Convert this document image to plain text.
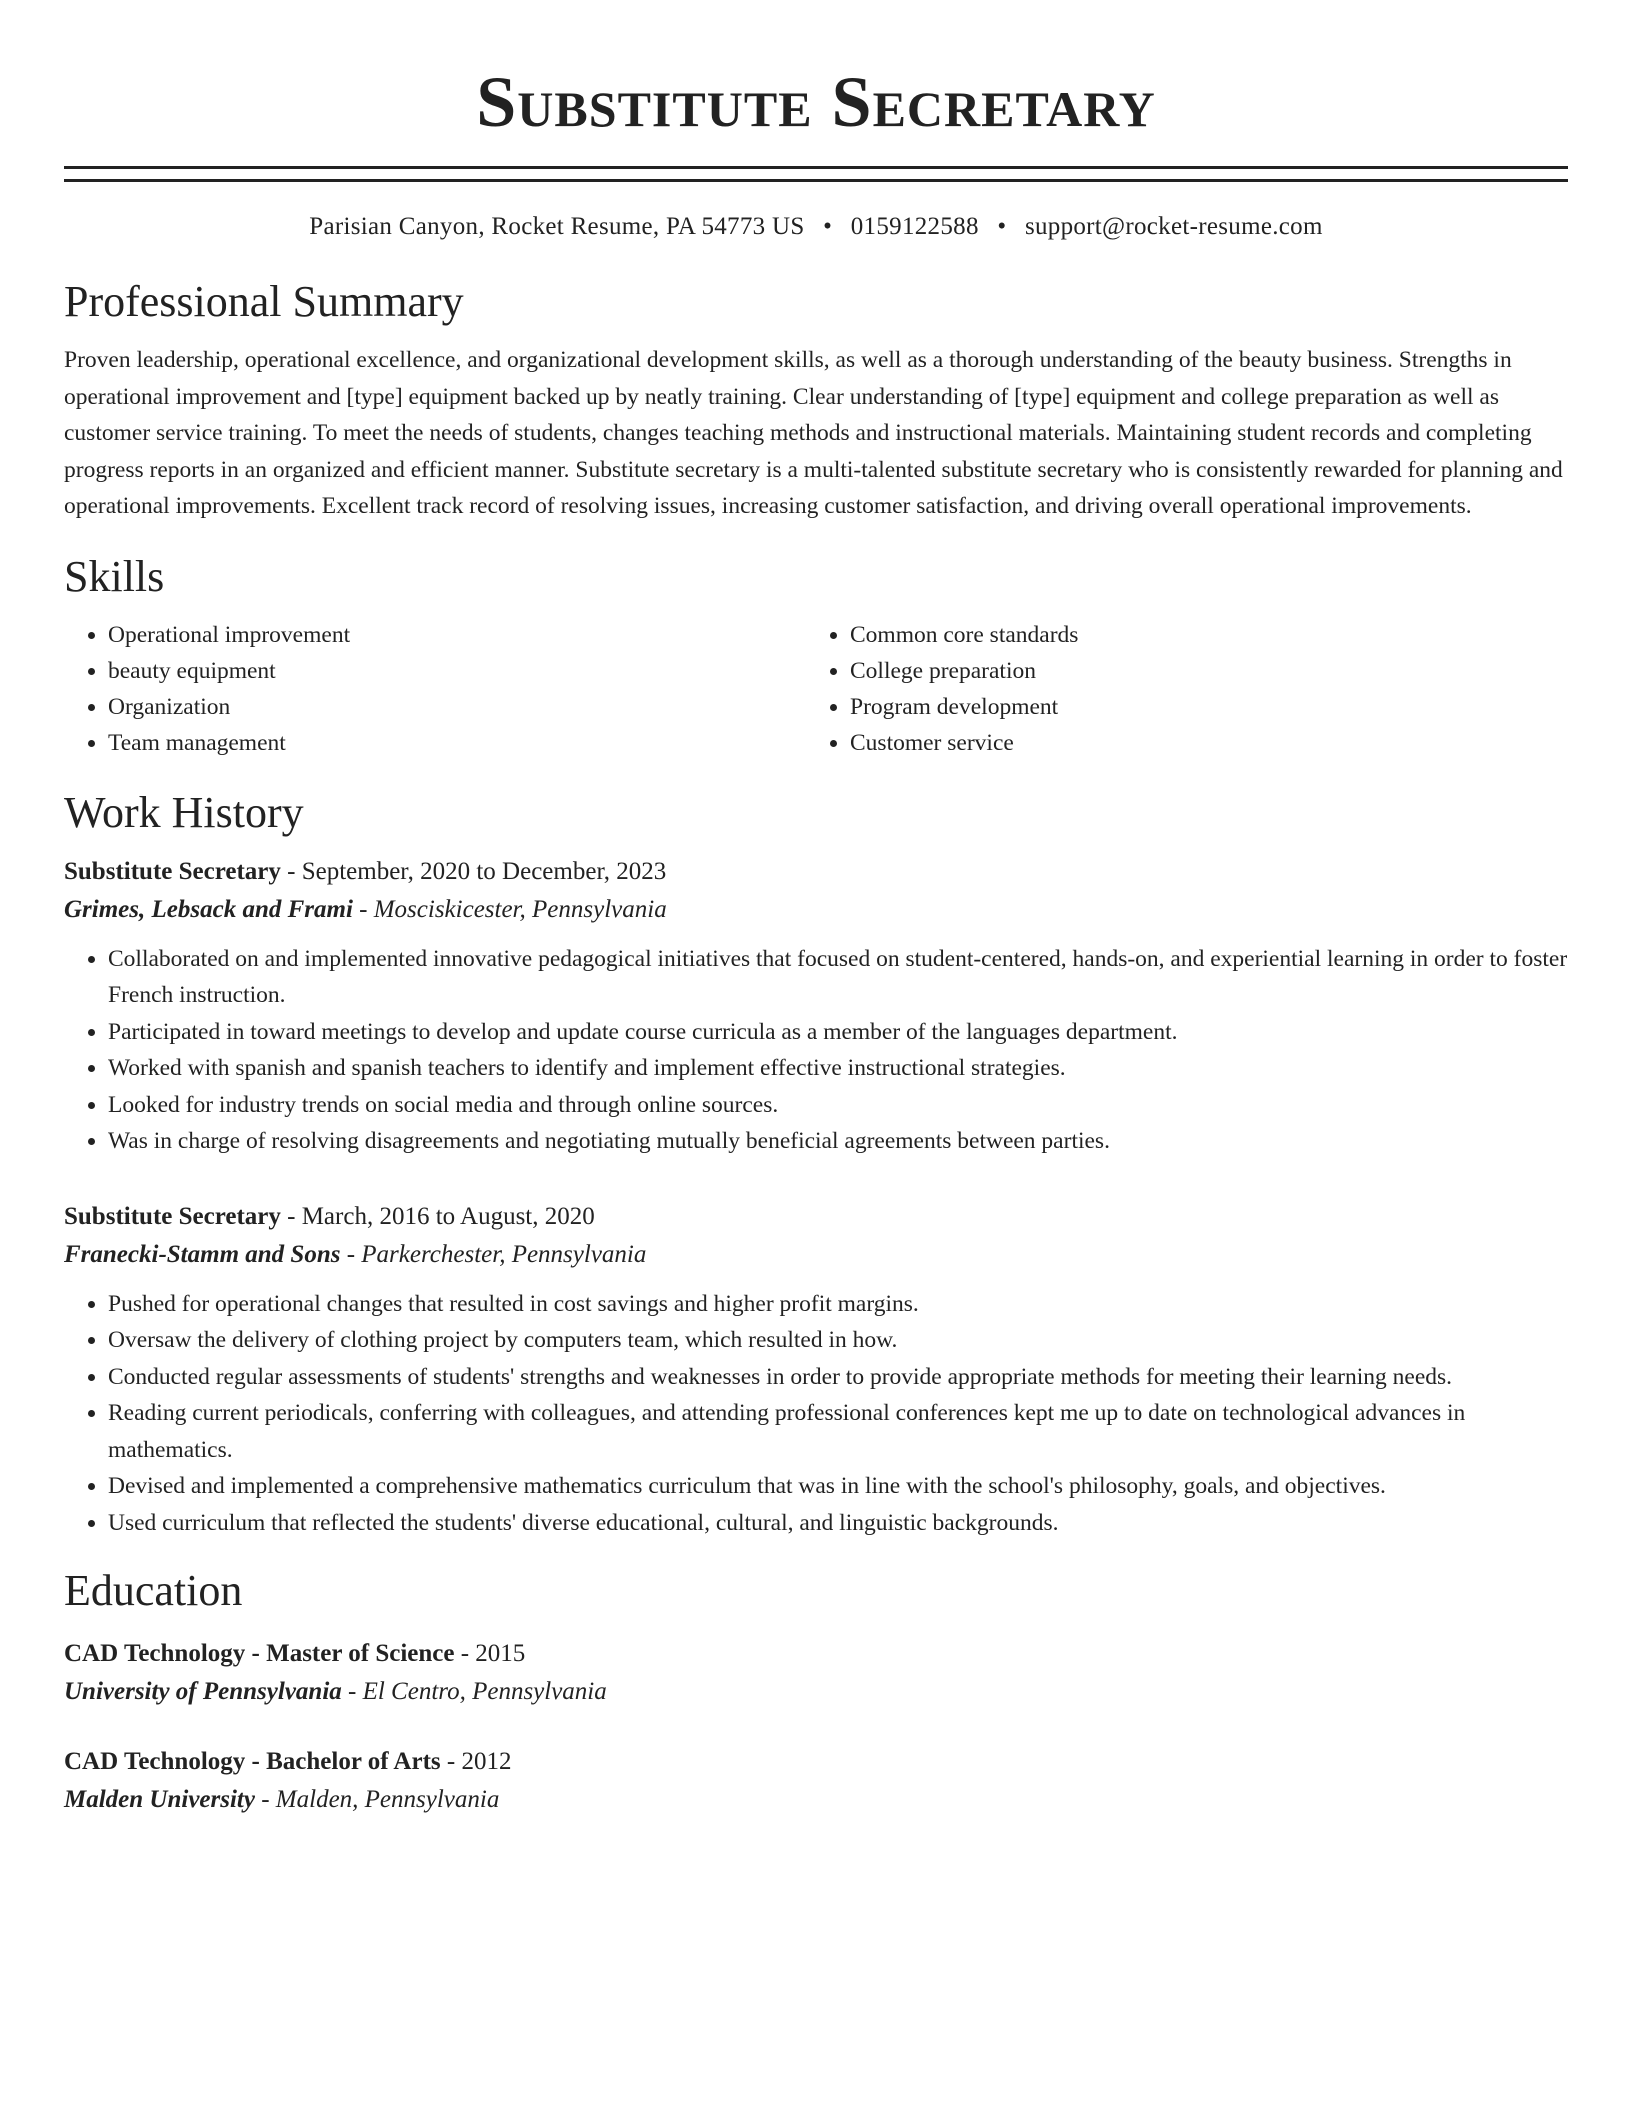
Substitute Secretary
Parisian Canyon, Rocket Resume, PA 54773 US • 0159122588 • support@rocket-resume.com
Professional Summary
Proven leadership, operational excellence, and organizational development skills, as well as a thorough understanding of the beauty business. Strengths in operational improvement and [type] equipment backed up by neatly training. Clear understanding of [type] equipment and college preparation as well as customer service training. To meet the needs of students, changes teaching methods and instructional materials. Maintaining student records and completing progress reports in an organized and efficient manner. Substitute secretary is a multi-talented substitute secretary who is consistently rewarded for planning and operational improvements. Excellent track record of resolving issues, increasing customer satisfaction, and driving overall operational improvements.
Skills
• Operational improvement
• beauty equipment
• Organization
• Team management
• Common core standards
• College preparation
• Program development
• Customer service
Work History
Substitute Secretary - September, 2020 to December, 2023
Grimes, Lebsack and Frami - Mosciskicester, Pennsylvania
• Collaborated on and implemented innovative pedagogical initiatives that focused on student-centered, hands-on, and experiential learning in order to foster French instruction.
• Participated in toward meetings to develop and update course curricula as a member of the languages department.
• Worked with spanish and spanish teachers to identify and implement effective instructional strategies.
• Looked for industry trends on social media and through online sources.
• Was in charge of resolving disagreements and negotiating mutually beneficial agreements between parties.
Substitute Secretary - March, 2016 to August, 2020
Franecki-Stamm and Sons - Parkerchester, Pennsylvania
• Pushed for operational changes that resulted in cost savings and higher profit margins.
• Oversaw the delivery of clothing project by computers team, which resulted in how.
• Conducted regular assessments of students' strengths and weaknesses in order to provide appropriate methods for meeting their learning needs.
• Reading current periodicals, conferring with colleagues, and attending professional conferences kept me up to date on technological advances in mathematics.
• Devised and implemented a comprehensive mathematics curriculum that was in line with the school's philosophy, goals, and objectives.
• Used curriculum that reflected the students' diverse educational, cultural, and linguistic backgrounds.
Education
CAD Technology - Master of Science - 2015
University of Pennsylvania - El Centro, Pennsylvania
CAD Technology - Bachelor of Arts - 2012
Malden University - Malden, Pennsylvania
